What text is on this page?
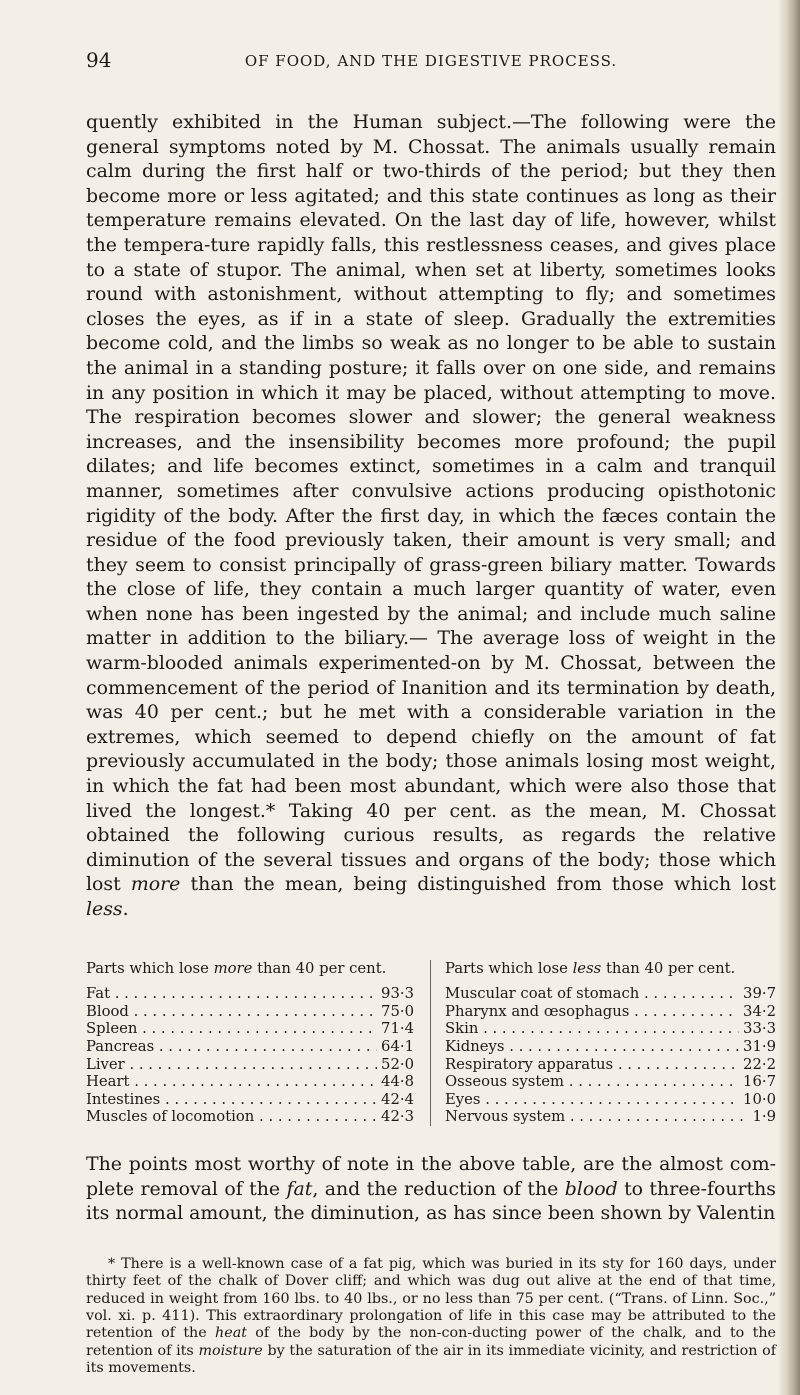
94	OF FOOD, AND THE DIGESTIVE PROCESS.

quently exhibited in the Human subject.—The following were the general symptoms noted by M. Chossat. The animals usually remain calm during the first half or two-thirds of the period; but they then become more or less agitated; and this state continues as long as their temperature remains elevated. On the last day of life, however, whilst the tempera-ture rapidly falls, this restlessness ceases, and gives place to a state of stupor. The animal, when set at liberty, sometimes looks round with astonishment, without attempting to fly; and sometimes closes the eyes, as if in a state of sleep. Gradually the extremities become cold, and the limbs so weak as no longer to be able to sustain the animal in a standing posture; it falls over on one side, and remains in any position in which it may be placed, without attempting to move. The respiration becomes slower and slower; the general weakness increases, and the insensibility becomes more profound; the pupil dilates; and life becomes extinct, sometimes in a calm and tranquil manner, sometimes after convulsive actions producing opisthotonic rigidity of the body. After the first day, in which the fæces contain the residue of the food previously taken, their amount is very small; and they seem to consist principally of grass-green biliary matter. Towards the close of life, they contain a much larger quantity of water, even when none has been ingested by the animal; and include much saline matter in addition to the biliary.— The average loss of weight in the warm-blooded animals experimented-on by M. Chossat, between the commencement of the period of Inanition and its termination by death, was 40 per cent.; but he met with a considerable variation in the extremes, which seemed to depend chiefly on the amount of fat previously accumulated in the body; those animals losing most weight, in which the fat had been most abundant, which were also those that lived the longest.* Taking 40 per cent. as the mean, M. Chossat obtained the following curious results, as regards the relative diminution of the several tissues and organs of the body; those which lost more than the mean, being distinguished from those which lost less.

Parts which lose more than 40 per cent.
Fat . . .	93·3
Blood . . .	75·0
Spleen . . .	71·4
Pancreas . . .	64·1
Liver . . .	52·0
Heart . . .	44·8
Intestines . . .	42·4
Muscles of locomotion . . .	42·3
Parts which lose less than 40 per cent.
Muscular coat of stomach . . .	39·7
Pharynx and œsophagus . . .	34·2
Skin . . .	33·3
Kidneys . . .	31·9
Respiratory apparatus . . .	22·2
Osseous system . . .	16·7
Eyes . . .	10·0
Nervous system . . .	1·9
The points most worthy of note in the above table, are the almost com-plete removal of the fat, and the reduction of the blood to three-fourths its normal amount, the diminution, as has since been shown by Valentin
* There is a well-known case of a fat pig, which was buried in its sty for 160 days, under thirty feet of the chalk of Dover cliff; and which was dug out alive at the end of that time, reduced in weight from 160 lbs. to 40 lbs., or no less than 75 per cent. (“Trans. of Linn. Soc.,” vol. xi. p. 411). This extraordinary prolongation of life in this case may be attributed to the retention of the heat of the body by the non-con-ducting power of the chalk, and to the retention of its moisture by the saturation of the air in its immediate vicinity, and restriction of its movements.
